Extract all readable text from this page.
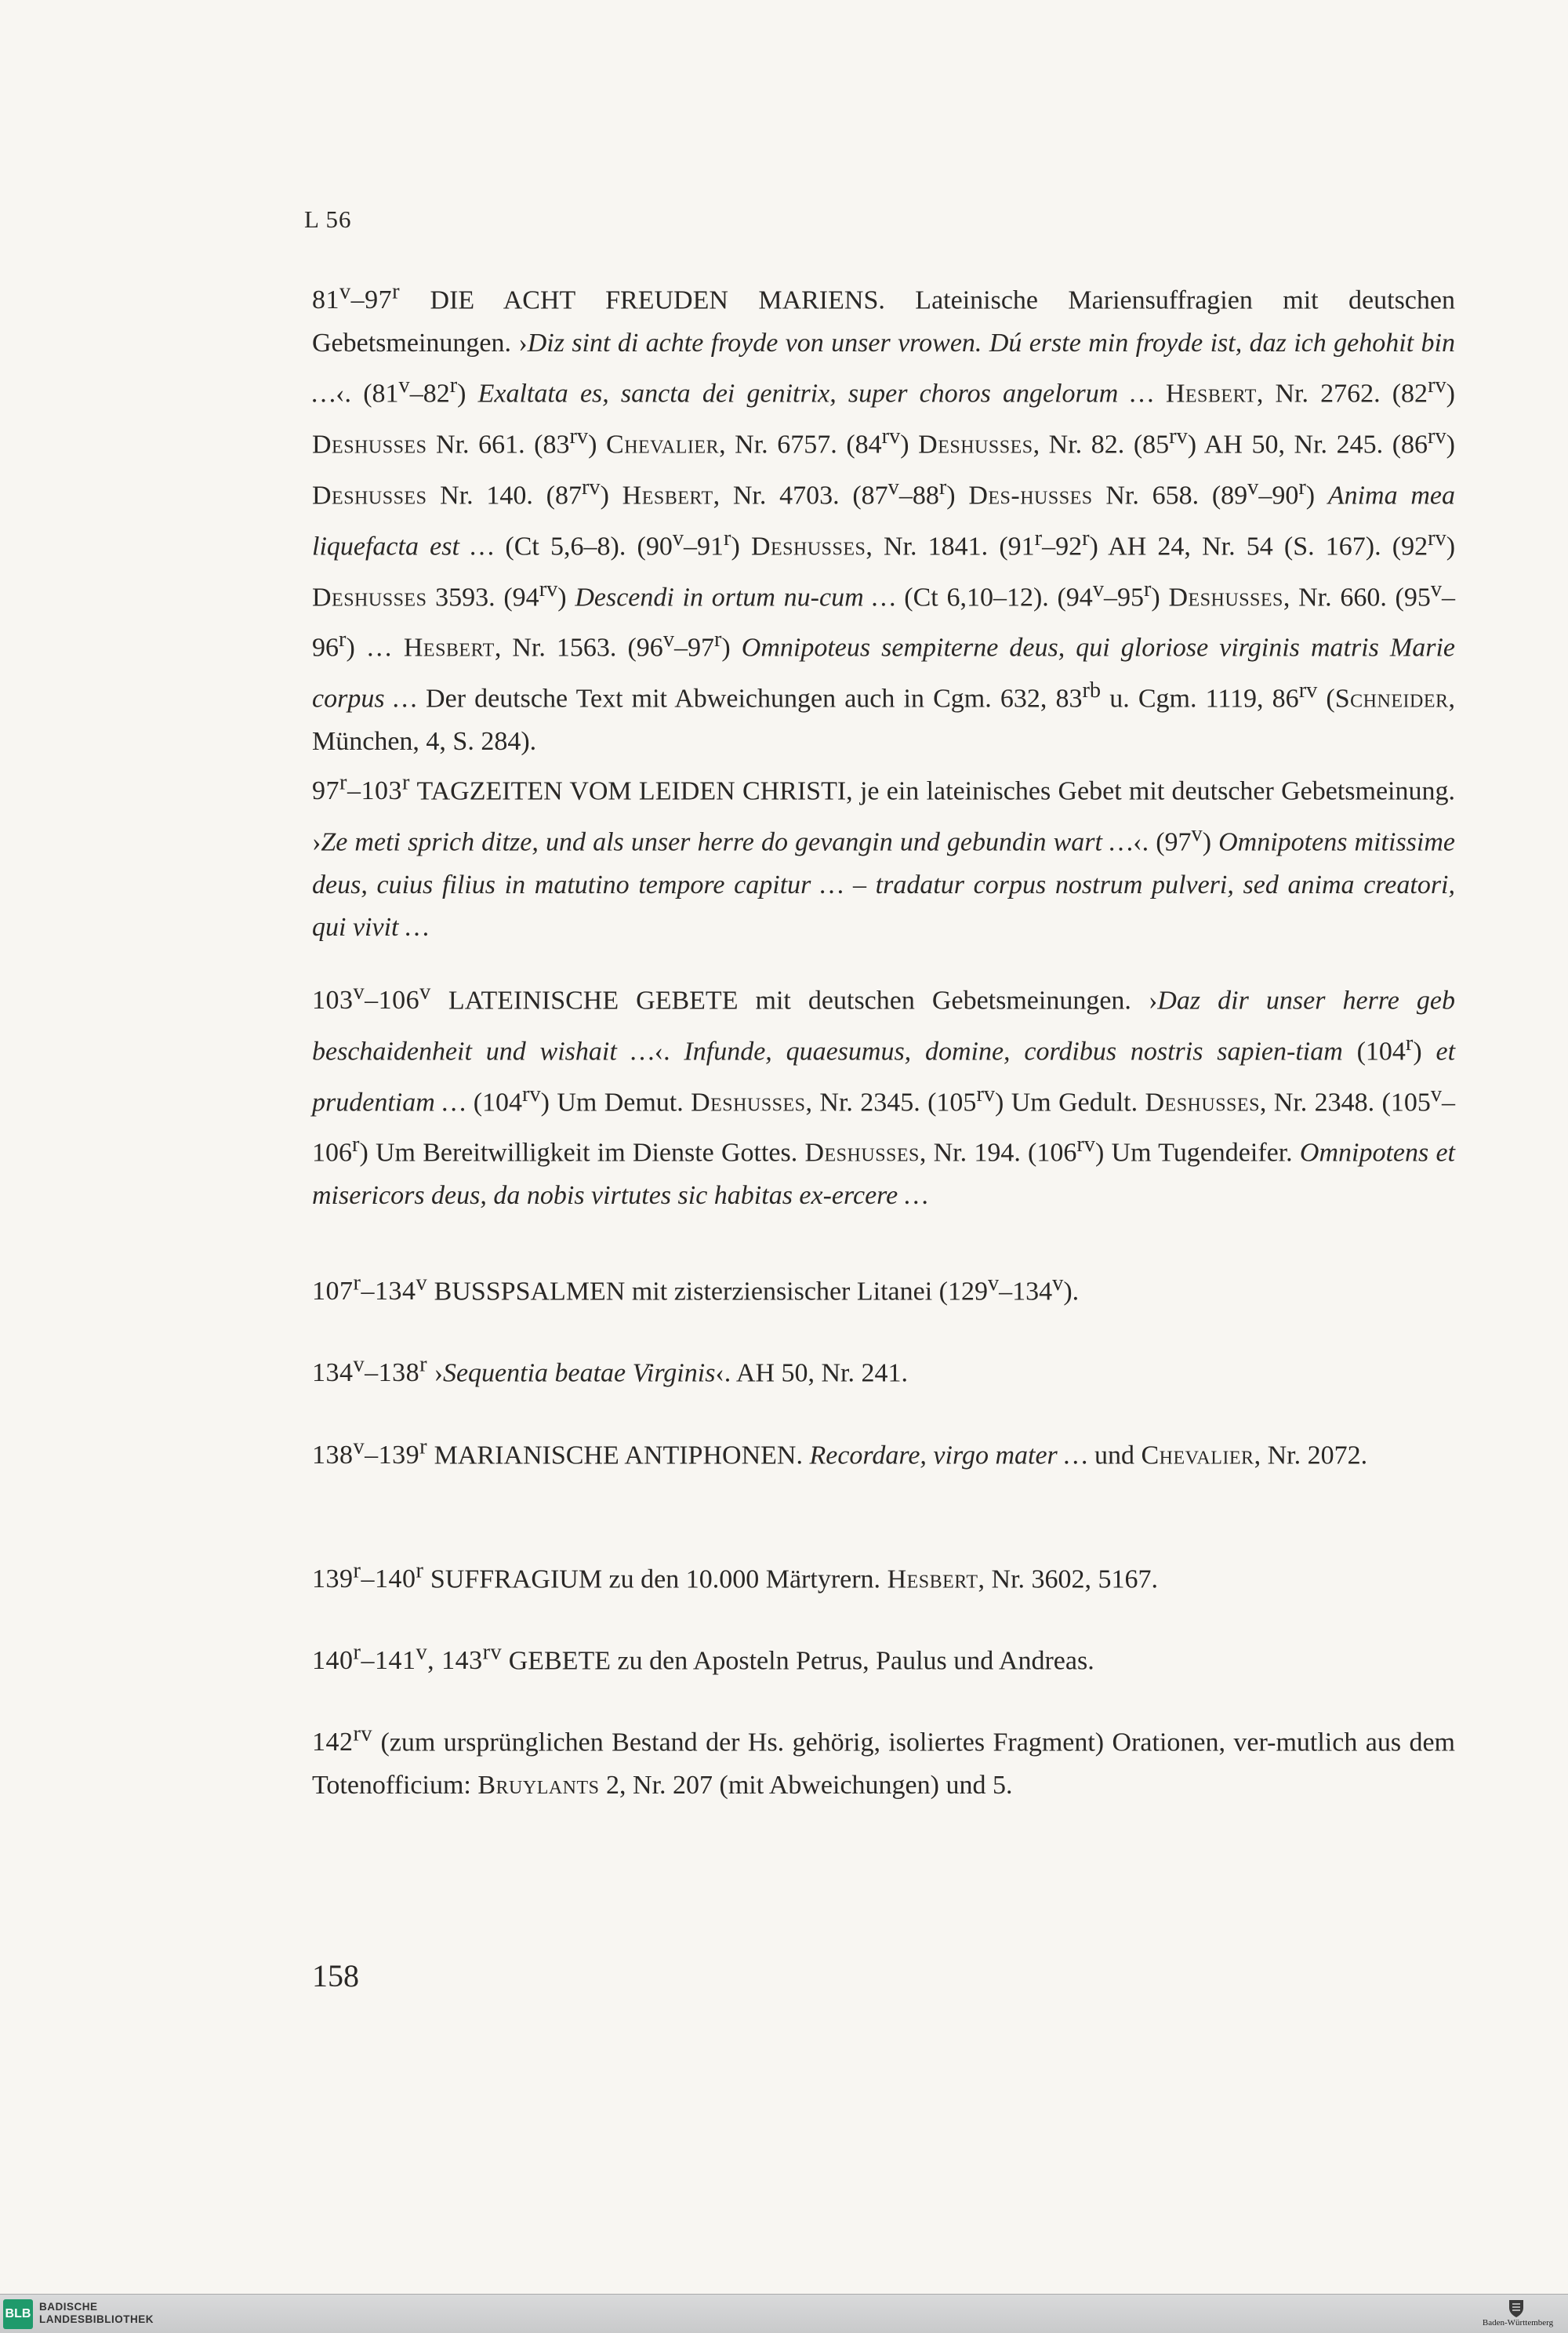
L 56
81$^v$–97$^r$ DIE ACHT FREUDEN MARIENS. Lateinische Mariensuffragien mit deutschen Gebetsmeinungen. ›Diz sint di achte froyde von unser vrowen. Dú erste min froyde ist, daz ich gehohit bin …‹. (81$^v$–82$^r$) Exaltata es, sancta dei genitrix, super choros angelorum … Hesbert, Nr. 2762. $(82^{rv})$ Deshusses Nr. 661. $(83^{rv})$ Chevalier, Nr. 6757. $(84^{rv})$ Deshusses, Nr. 82. $(85^{rv})$ AH 50, Nr. 245. $(86^{rv})$ Deshusses Nr. 140. $(87^{rv})$ Hesbert, Nr. 4703. (87$^v$–88$^r$) Des-husses Nr. 658. (89$^v$–90$^r$) Anima mea liquefacta est … (Ct 5,6–8). (90$^v$–91$^r$) Deshusses, Nr. 1841. (91$^r$–92$^r$) AH 24, Nr. 54 (S. 167). $(92^{rv})$ Deshusses 3593. $(94^{rv})$ Descendi in ortum nu-cum … (Ct 6,10–12). (94$^v$–95$^r$) Deshusses, Nr. 660. (95$^v$–96$^r$) … Hesbert, Nr. 1563. (96$^v$–97$^r$) Omnipoteus sempiterne deus, qui gloriose virginis matris Marie corpus … Der deutsche Text mit Abweichungen auch in Cgm. 632, $83^{rb}$ u. Cgm. 1119, $86^{rv}$ (Schneider, München, 4, S. 284).
97$^r$–103$^r$ TAGZEITEN VOM LEIDEN CHRISTI, je ein lateinisches Gebet mit deutscher Gebetsmeinung. ›Ze meti sprich ditze, und als unser herre do gevangin und gebundin wart …‹. (97$^v$) Omnipotens mitissime deus, cuius filius in matutino tempore capitur … – tradatur corpus nostrum pulveri, sed anima creatori, qui vivit …
103$^v$–106$^v$ LATEINISCHE GEBETE mit deutschen Gebetsmeinungen. ›Daz dir unser herre geb beschaidenheit und wishait …‹. Infunde, quaesumus, domine, cordibus nostris sapien-tiam (104$^r$) et prudentiam … $(104^{rv})$ Um Demut. Deshusses, Nr. 2345. $(105^{rv})$ Um Gedult. Deshusses, Nr. 2348. (105$^v$–106$^r$) Um Bereitwilligkeit im Dienste Gottes. Deshusses, Nr. 194. $(106^{rv})$ Um Tugendeifer. Omnipotens et misericors deus, da nobis virtutes sic habitas ex-ercere …
107$^r$–134$^v$ BUSSPSALMEN mit zisterziensischer Litanei (129$^v$–134$^v$).
134$^v$–138$^r$ ›Sequentia beatae Virginis‹. AH 50, Nr. 241.
138$^v$–139$^r$ MARIANISCHE ANTIPHONEN. Recordare, virgo mater … und Chevalier, Nr. 2072.
139$^r$–140$^r$ SUFFRAGIUM zu den 10.000 Märtyrern. Hesbert, Nr. 3602, 5167.
140$^r$–141$^v$, $143^{rv}$ GEBETE zu den Aposteln Petrus, Paulus und Andreas.
$142^{rv}$ (zum ursprünglichen Bestand der Hs. gehörig, isoliertes Fragment) Orationen, ver-mutlich aus dem Totenofficium: Bruylants 2, Nr. 207 (mit Abweichungen) und 5.
158
BLB
BADISCHE
LANDESBIBLIOTHEK	Baden-Württemberg
